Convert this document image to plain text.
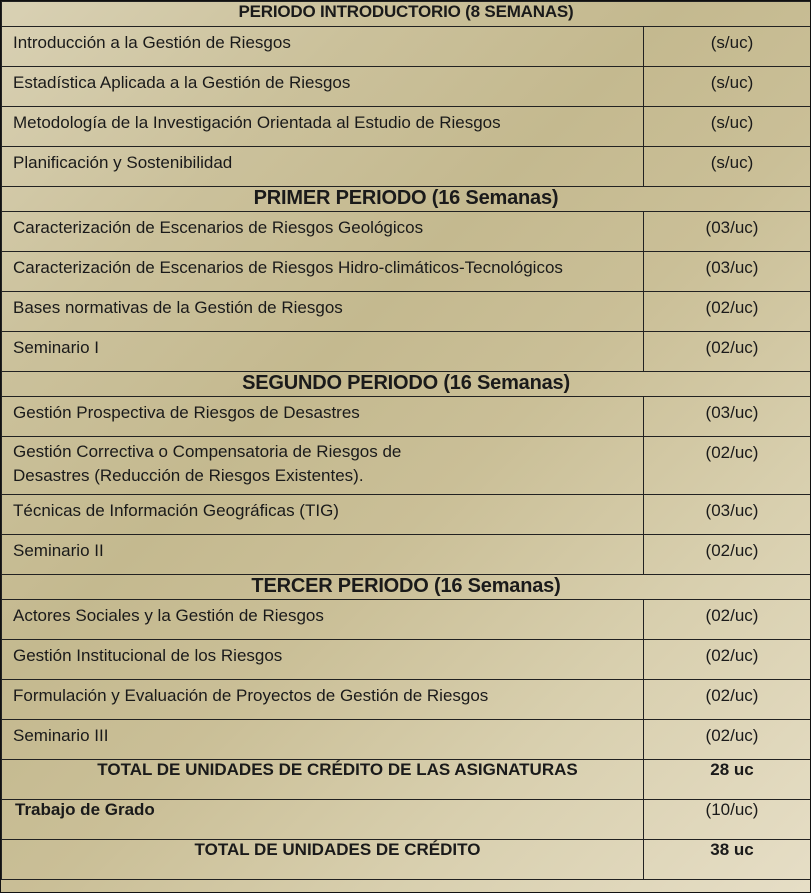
PERIODO INTRODUCTORIO (8 SEMANAS)	
Introducción a la Gestión de Riesgos	(s/uc)
Estadística Aplicada a la Gestión de Riesgos	(s/uc)
Metodología de la Investigación Orientada al Estudio de Riesgos	(s/uc)
Planificación y Sostenibilidad	(s/uc)
PRIMER PERIODO (16 Semanas)	
Caracterización de Escenarios de Riesgos Geológicos	(03/uc)
Caracterización de Escenarios de Riesgos Hidro-climáticos-Tecnológicos	(03/uc)
Bases normativas de la Gestión de Riesgos	(02/uc)
Seminario I	(02/uc)
SEGUNDO PERIODO (16 Semanas)	
Gestión Prospectiva de Riesgos de Desastres	(03/uc)
Gestión Correctiva o Compensatoria de Riesgos de
Desastres (Reducción de Riesgos Existentes).	(02/uc)
Técnicas de Información Geográficas (TIG)	(03/uc)
Seminario II	(02/uc)
TERCER PERIODO (16 Semanas)	
Actores Sociales y la Gestión de Riesgos	(02/uc)
Gestión Institucional de los Riesgos	(02/uc)
Formulación y Evaluación de Proyectos de Gestión de Riesgos	(02/uc)
Seminario III	(02/uc)
TOTAL DE UNIDADES DE CRÉDITO DE LAS ASIGNATURAS	28 uc
Trabajo de Grado	(10/uc)
TOTAL DE UNIDADES DE CRÉDITO	38 uc
